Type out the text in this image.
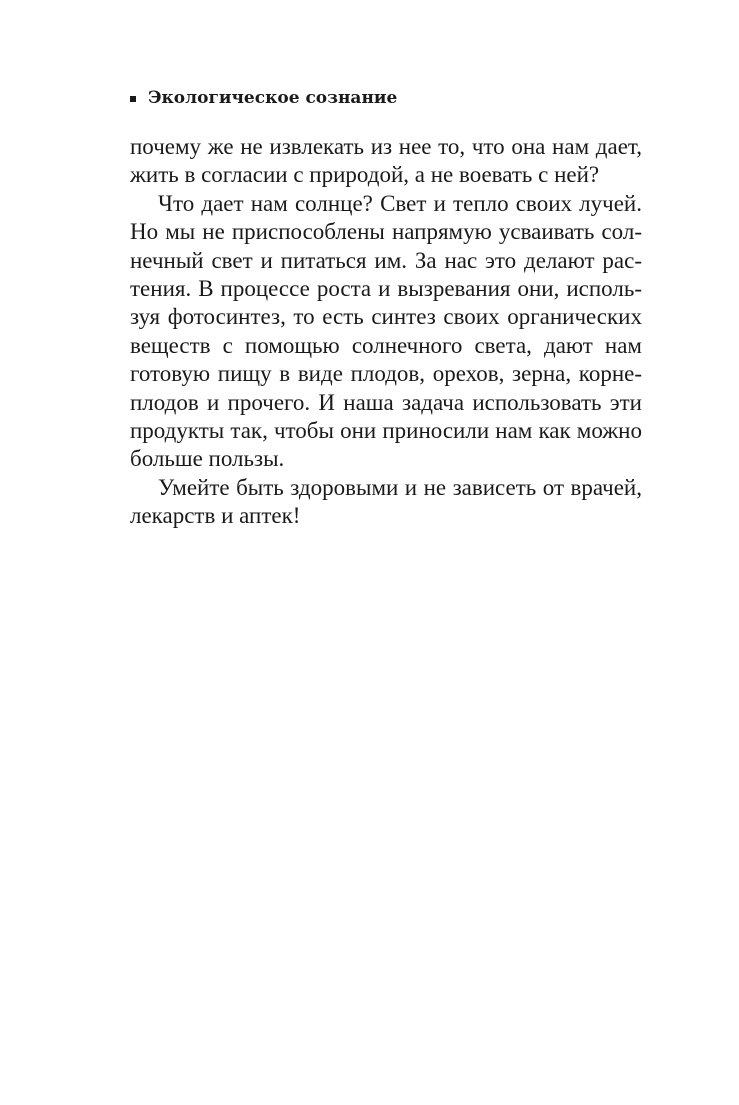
Экологическое сознание
почему же не извлекать из нее то, что она нам дает,
жить в согласии с природой, а не воевать с ней?
Что дает нам солнце? Свет и тепло своих лучей.
Но мы не приспособлены напрямую усваивать сол-
нечный свет и питаться им. За нас это делают рас-
тения. В процессе роста и вызревания они, исполь-
зуя фотосинтез, то есть синтез своих органических
веществ с помощью солнечного света, дают нам
готовую пищу в виде плодов, орехов, зерна, корне-
плодов и прочего. И наша задача использовать эти
продукты так, чтобы они приносили нам как можно
больше пользы.
Умейте быть здоровыми и не зависеть от врачей,
лекарств и аптек!
